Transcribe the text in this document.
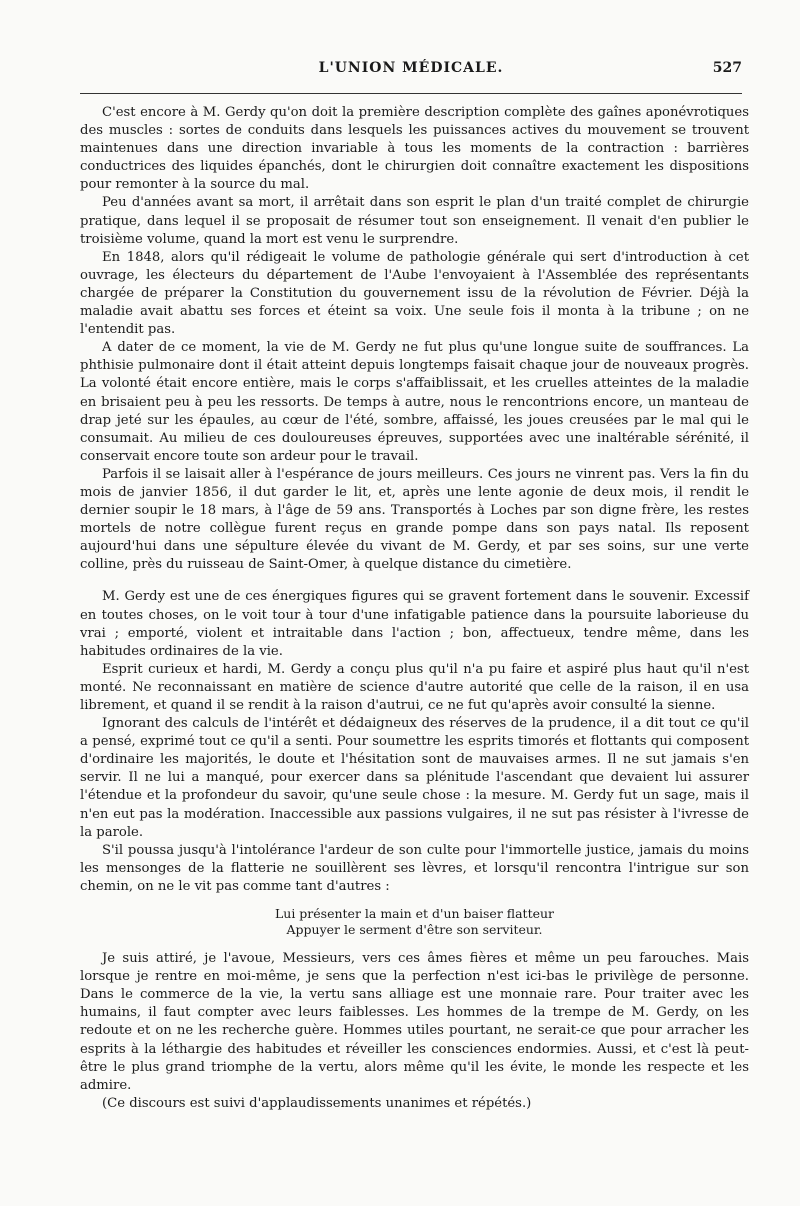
L'UNION MÉDICALE.	527

C'est encore à M. Gerdy qu'on doit la première description complète des gaînes aponévrotiques des muscles : sortes de conduits dans lesquels les puissances actives du mouvement se trouvent maintenues dans une direction invariable à tous les moments de la contraction : barrières conductrices des liquides épanchés, dont le chirurgien doit connaître exactement les dispositions pour remonter à la source du mal.

Peu d'années avant sa mort, il arrêtait dans son esprit le plan d'un traité complet de chirurgie pratique, dans lequel il se proposait de résumer tout son enseignement. Il venait d'en publier le troisième volume, quand la mort est venu le surprendre.

En 1848, alors qu'il rédigeait le volume de pathologie générale qui sert d'introduction à cet ouvrage, les électeurs du département de l'Aube l'envoyaient à l'Assemblée des représentants chargée de préparer la Constitution du gouvernement issu de la révolution de Février. Déjà la maladie avait abattu ses forces et éteint sa voix. Une seule fois il monta à la tribune ; on ne l'entendit pas.

A dater de ce moment, la vie de M. Gerdy ne fut plus qu'une longue suite de souffrances. La phthisie pulmonaire dont il était atteint depuis longtemps faisait chaque jour de nouveaux progrès. La volonté était encore entière, mais le corps s'affaiblissait, et les cruelles atteintes de la maladie en brisaient peu à peu les ressorts. De temps à autre, nous le rencontrions encore, un manteau de drap jeté sur les épaules, au cœur de l'été, sombre, affaissé, les joues creusées par le mal qui le consumait. Au milieu de ces douloureuses épreuves, supportées avec une inaltérable sérénité, il conservait encore toute son ardeur pour le travail.

Parfois il se laisait aller à l'espérance de jours meilleurs. Ces jours ne vinrent pas. Vers la fin du mois de janvier 1856, il dut garder le lit, et, après une lente agonie de deux mois, il rendit le dernier soupir le 18 mars, à l'âge de 59 ans. Transportés à Loches par son digne frère, les restes mortels de notre collègue furent reçus en grande pompe dans son pays natal. Ils reposent aujourd'hui dans une sépulture élevée du vivant de M. Gerdy, et par ses soins, sur une verte colline, près du ruisseau de Saint-Omer, à quelque distance du cimetière.

M. Gerdy est une de ces énergiques figures qui se gravent fortement dans le souvenir. Excessif en toutes choses, on le voit tour à tour d'une infatigable patience dans la poursuite laborieuse du vrai ; emporté, violent et intraitable dans l'action ; bon, affectueux, tendre même, dans les habitudes ordinaires de la vie.

Esprit curieux et hardi, M. Gerdy a conçu plus qu'il n'a pu faire et aspiré plus haut qu'il n'est monté. Ne reconnaissant en matière de science d'autre autorité que celle de la raison, il en usa librement, et quand il se rendit à la raison d'autrui, ce ne fut qu'après avoir consulté la sienne.

Ignorant des calculs de l'intérêt et dédaigneux des réserves de la prudence, il a dit tout ce qu'il a pensé, exprimé tout ce qu'il a senti. Pour soumettre les esprits timorés et flottants qui composent d'ordinaire les majorités, le doute et l'hésitation sont de mauvaises armes. Il ne sut jamais s'en servir. Il ne lui a manqué, pour exercer dans sa plénitude l'ascendant que devaient lui assurer l'étendue et la profondeur du savoir, qu'une seule chose : la mesure. M. Gerdy fut un sage, mais il n'en eut pas la modération. Inaccessible aux passions vulgaires, il ne sut pas résister à l'ivresse de la parole.

S'il poussa jusqu'à l'intolérance l'ardeur de son culte pour l'immortelle justice, jamais du moins les mensonges de la flatterie ne souillèrent ses lèvres, et lorsqu'il rencontra l'intrigue sur son chemin, on ne le vit pas comme tant d'autres :

Lui présenter la main et d'un baiser flatteur
Appuyer le serment d'être son serviteur.

Je suis attiré, je l'avoue, Messieurs, vers ces âmes fières et même un peu farouches. Mais lorsque je rentre en moi-même, je sens que la perfection n'est ici-bas le privilège de personne. Dans le commerce de la vie, la vertu sans alliage est une monnaie rare. Pour traiter avec les humains, il faut compter avec leurs faiblesses. Les hommes de la trempe de M. Gerdy, on les redoute et on ne les recherche guère. Hommes utiles pourtant, ne serait-ce que pour arracher les esprits à la léthargie des habitudes et réveiller les consciences endormies. Aussi, et c'est là peut-être le plus grand triomphe de la vertu, alors même qu'il les évite, le monde les respecte et les admire.

(Ce discours est suivi d'applaudissements unanimes et répétés.)
